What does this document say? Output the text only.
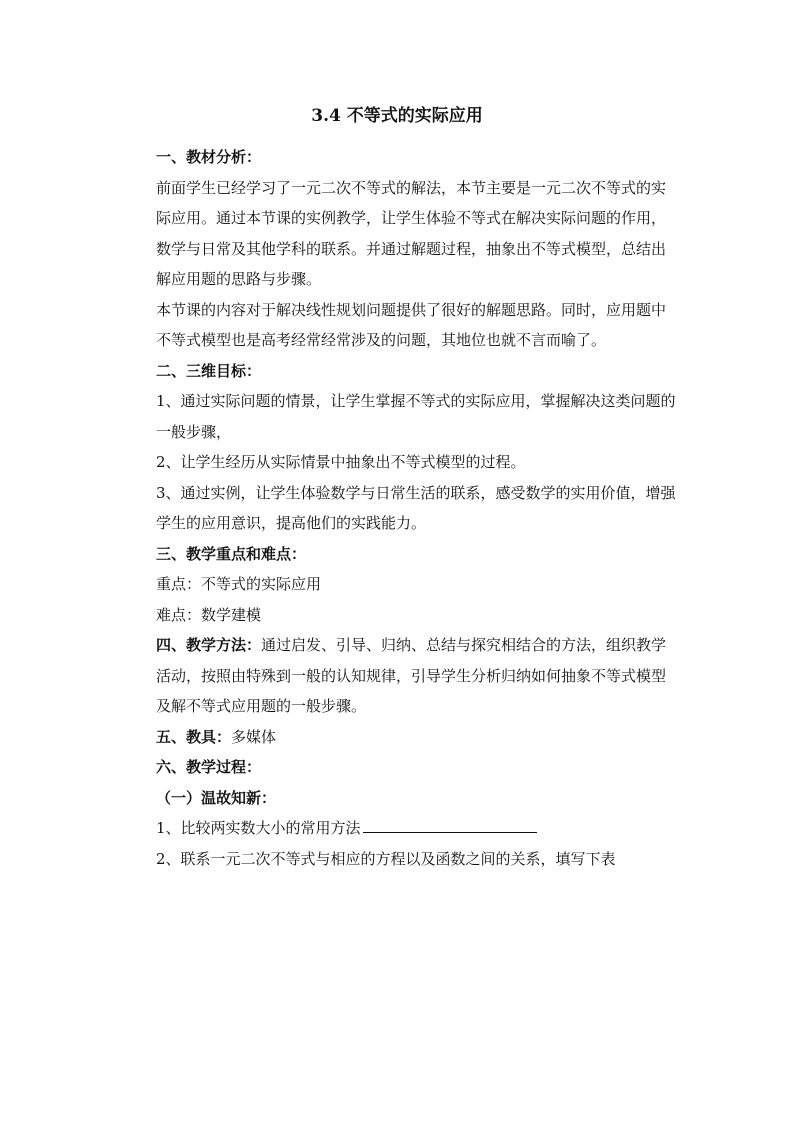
3.4 不等式的实际应用

一、教材分析：

前面学生已经学习了一元二次不等式的解法，本节主要是一元二次不等式的实际应用。通过本节课的实例教学，让学生体验不等式在解决实际问题的作用，数学与日常及其他学科的联系。并通过解题过程，抽象出不等式模型，总结出解应用题的思路与步骤。

本节课的内容对于解决线性规划问题提供了很好的解题思路。同时，应用题中不等式模型也是高考经常经常涉及的问题，其地位也就不言而喻了。

二、三维目标：

1、通过实际问题的情景，让学生掌握不等式的实际应用，掌握解决这类问题的一般步骤，

2、让学生经历从实际情景中抽象出不等式模型的过程。

3、通过实例，让学生体验数学与日常生活的联系，感受数学的实用价值，增强学生的应用意识，提高他们的实践能力。

三、教学重点和难点：

重点：不等式的实际应用

难点：数学建模

四、教学方法：通过启发、引导、归纳、总结与探究相结合的方法，组织教学活动，按照由特殊到一般的认知规律，引导学生分析归纳如何抽象不等式模型及解不等式应用题的一般步骤。

五、教具：多媒体

六、教学过程：

（一）温故知新：

1、比较两实数大小的常用方法

2、联系一元二次不等式与相应的方程以及函数之间的关系，填写下表
